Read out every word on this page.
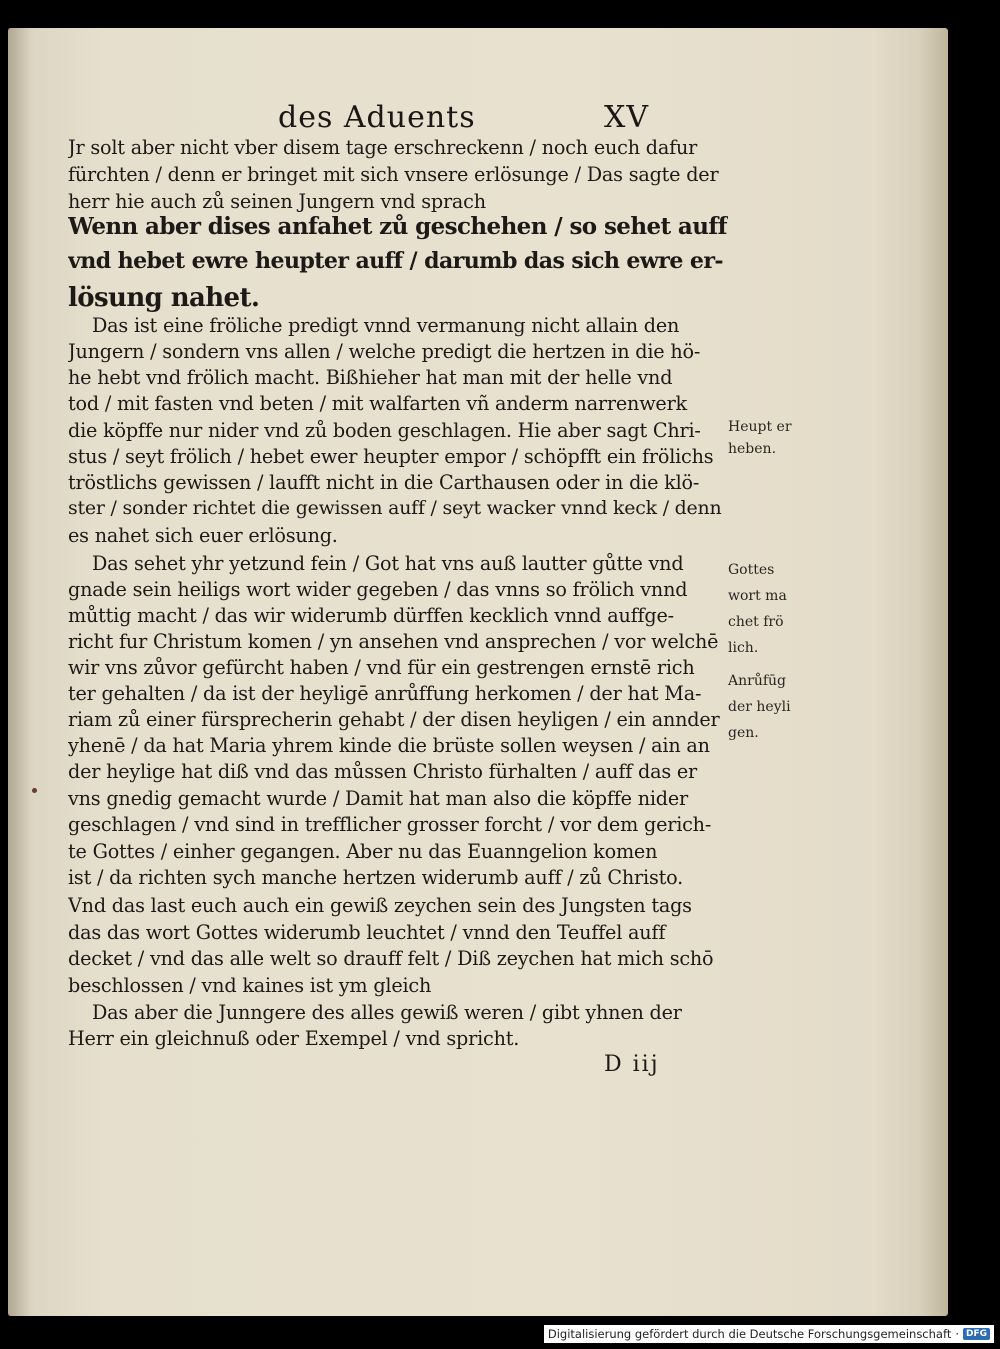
des Aduents	XV
Jr solt aber nicht vber disem tage erschreckenn / noch euch dafur
fürchten / denn er bringet mit sich vnsere erlösunge / Das sagte der
herr hie auch zů seinen Jungern vnd sprach
Wenn aber dises anfahet zů geschehen / so sehet auff
vnd hebet ewre heupter auff / darumb das sich ewre er-
lösung nahet.
Das ist eine fröliche predigt vnnd vermanung nicht allain den
Jungern / sondern vns allen / welche predigt die hertzen in die hö-
he hebt vnd frölich macht. Bißhieher hat man mit der helle vnd
tod / mit fasten vnd beten / mit walfarten vñ anderm narrenwerk
die köpffe nur nider vnd zů boden geschlagen. Hie aber sagt Chri-
stus / seyt frölich / hebet ewer heupter empor / schöpfft ein frölichs
tröstlichs gewissen / laufft nicht in die Carthausen oder in die klö-
ster / sonder richtet die gewissen auff / seyt wacker vnnd keck / denn
es nahet sich euer erlösung.
Das sehet yhr yetzund fein / Got hat vns auß lautter gůtte vnd
gnade sein heiligs wort wider gegeben / das vnns so frölich vnnd
můttig macht / das wir widerumb dürffen kecklich vnnd auffge-
richt fur Christum komen / yn ansehen vnd ansprechen / vor welchē
wir vns zůvor gefürcht haben / vnd für ein gestrengen ernstē rich
ter gehalten / da ist der heyligē anrůffung herkomen / der hat Ma-
riam zů einer fürsprecherin gehabt / der disen heyligen / ein annder
yhenē / da hat Maria yhrem kinde die brüste sollen weysen / ain an
der heylige hat diß vnd das můssen Christo fürhalten / auff das er
vns gnedig gemacht wurde / Damit hat man also die köpffe nider
geschlagen / vnd sind in trefflicher grosser forcht / vor dem gerich-
te Gottes / einher gegangen. Aber nu das Euanngelion komen
ist / da richten sych manche hertzen widerumb auff / zů Christo.
Vnd das last euch auch ein gewiß zeychen sein des Jungsten tags
das das wort Gottes widerumb leuchtet / vnnd den Teuffel auff
decket / vnd das alle welt so drauff felt / Diß zeychen hat mich schō
beschlossen / vnd kaines ist ym gleich
Das aber die Junngere des alles gewiß weren / gibt yhnen der
Herr ein gleichnuß oder Exempel / vnd spricht.
Heupt er
heben.
Gottes
wort ma
chet frö
lich.
Anrůfūg
der heyli
gen.
D iij
Digitalisierung gefördert durch die Deutsche Forschungsgemeinschaft · DFG
